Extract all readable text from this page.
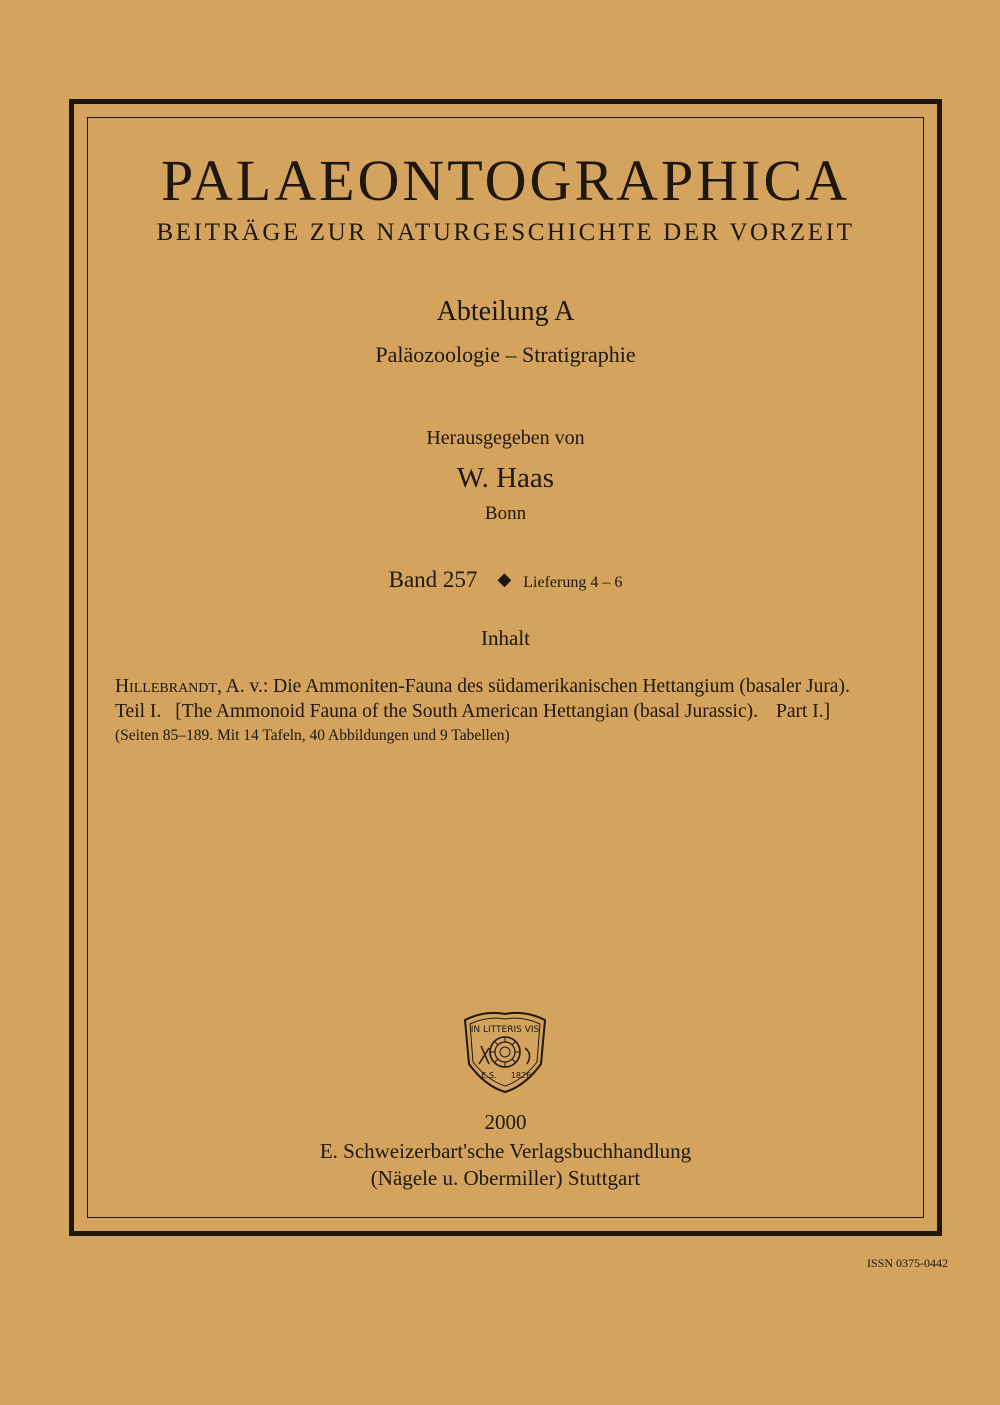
PALAEONTOGRAPHICA
BEITRÄGE ZUR NATURGESCHICHTE DER VORZEIT
Abteilung A
Paläozoologie – Stratigraphie
Herausgegeben von
W. Haas
Bonn
Band 257 ◆ Lieferung 4 – 6
Inhalt
Hillebrandt, A. v.: Die Ammoniten-Fauna des südamerikanischen Hettangium (basaler Jura).
Teil I. [The Ammonoid Fauna of the South American Hettangian (basal Jurassic). Part I.]
(Seiten 85–189. Mit 14 Tafeln, 40 Abbildungen und 9 Tabellen)
IN LITTERIS VIS
E.S. 1826
2000
E. Schweizerbart'sche Verlagsbuchhandlung
(Nägele u. Obermiller) Stuttgart
ISSN 0375-0442
